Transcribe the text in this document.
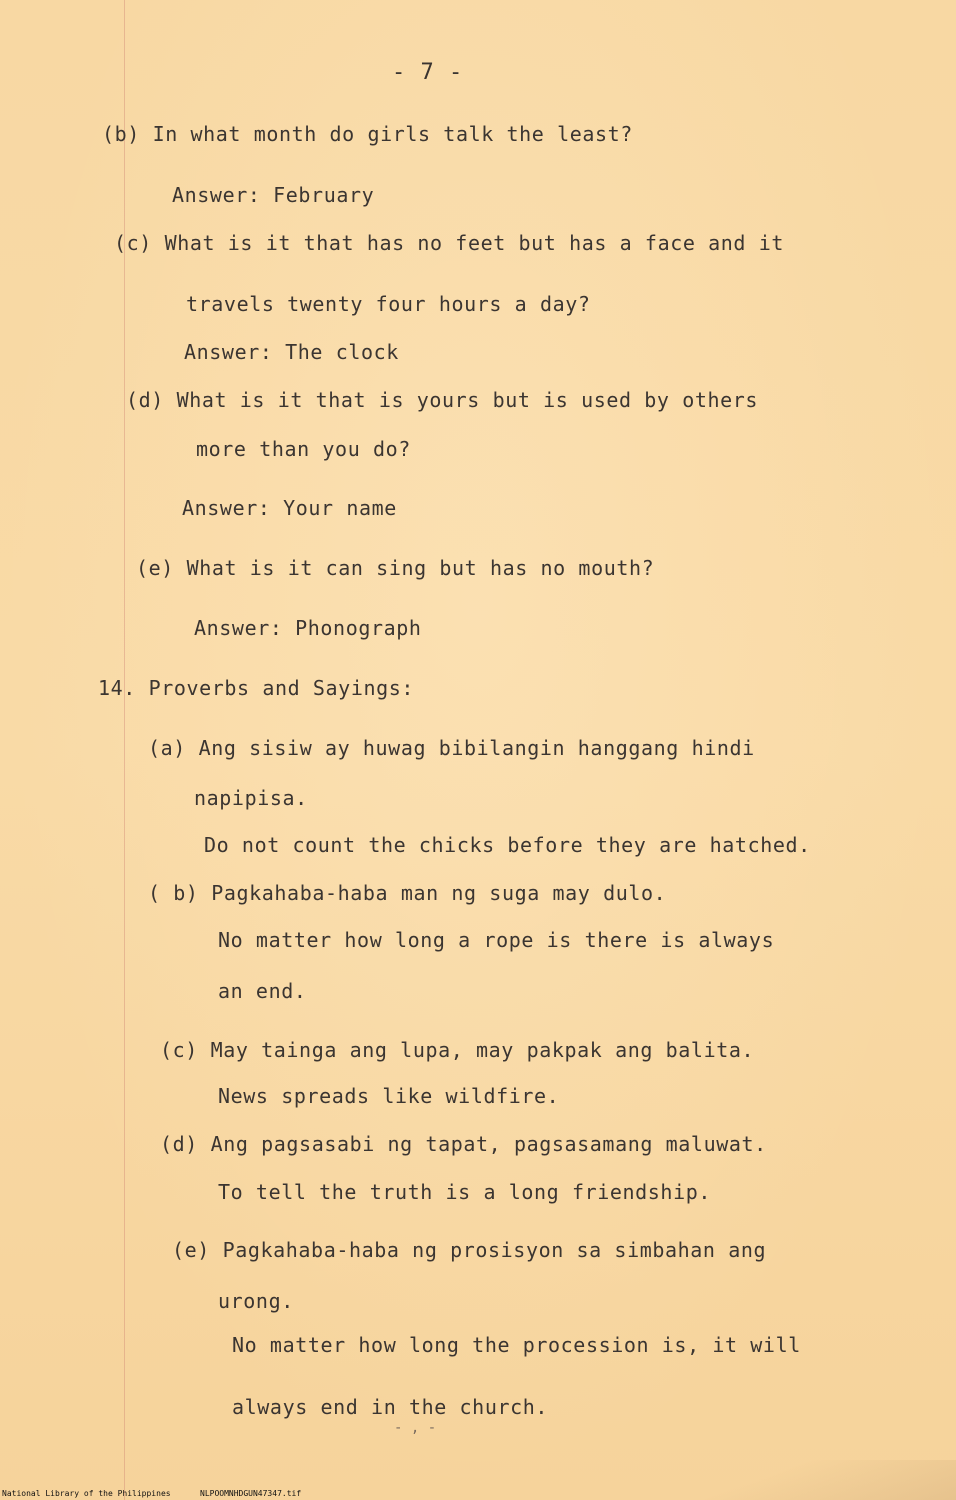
- 7 -
(b) In what month do girls talk the least?
Answer: February
(c) What is it that has no feet but has a face and it
travels twenty four hours a day?
Answer: The clock
(d) What is it that is yours but is used by others
more than you do?
Answer: Your name
(e) What is it can sing but has no mouth?
Answer: Phonograph
14. Proverbs and Sayings:
(a) Ang sisiw ay huwag bibilangin hanggang hindi
napipisa.
Do not count the chicks before they are hatched.
( b) Pagkahaba-haba man ng suga may dulo.
No matter how long a rope is there is always
an end.
(c) May tainga ang lupa, may pakpak ang balita.
News spreads like wildfire.
(d) Ang pagsasabi ng tapat, pagsasamang maluwat.
To tell the truth is a long friendship.
(e) Pagkahaba-haba ng prosisyon sa simbahan ang
urong.
No matter how long the procession is, it will
always end in the church.
- , -
National Library of the Philippines	NLPOOMNHDGUN47347.tif
